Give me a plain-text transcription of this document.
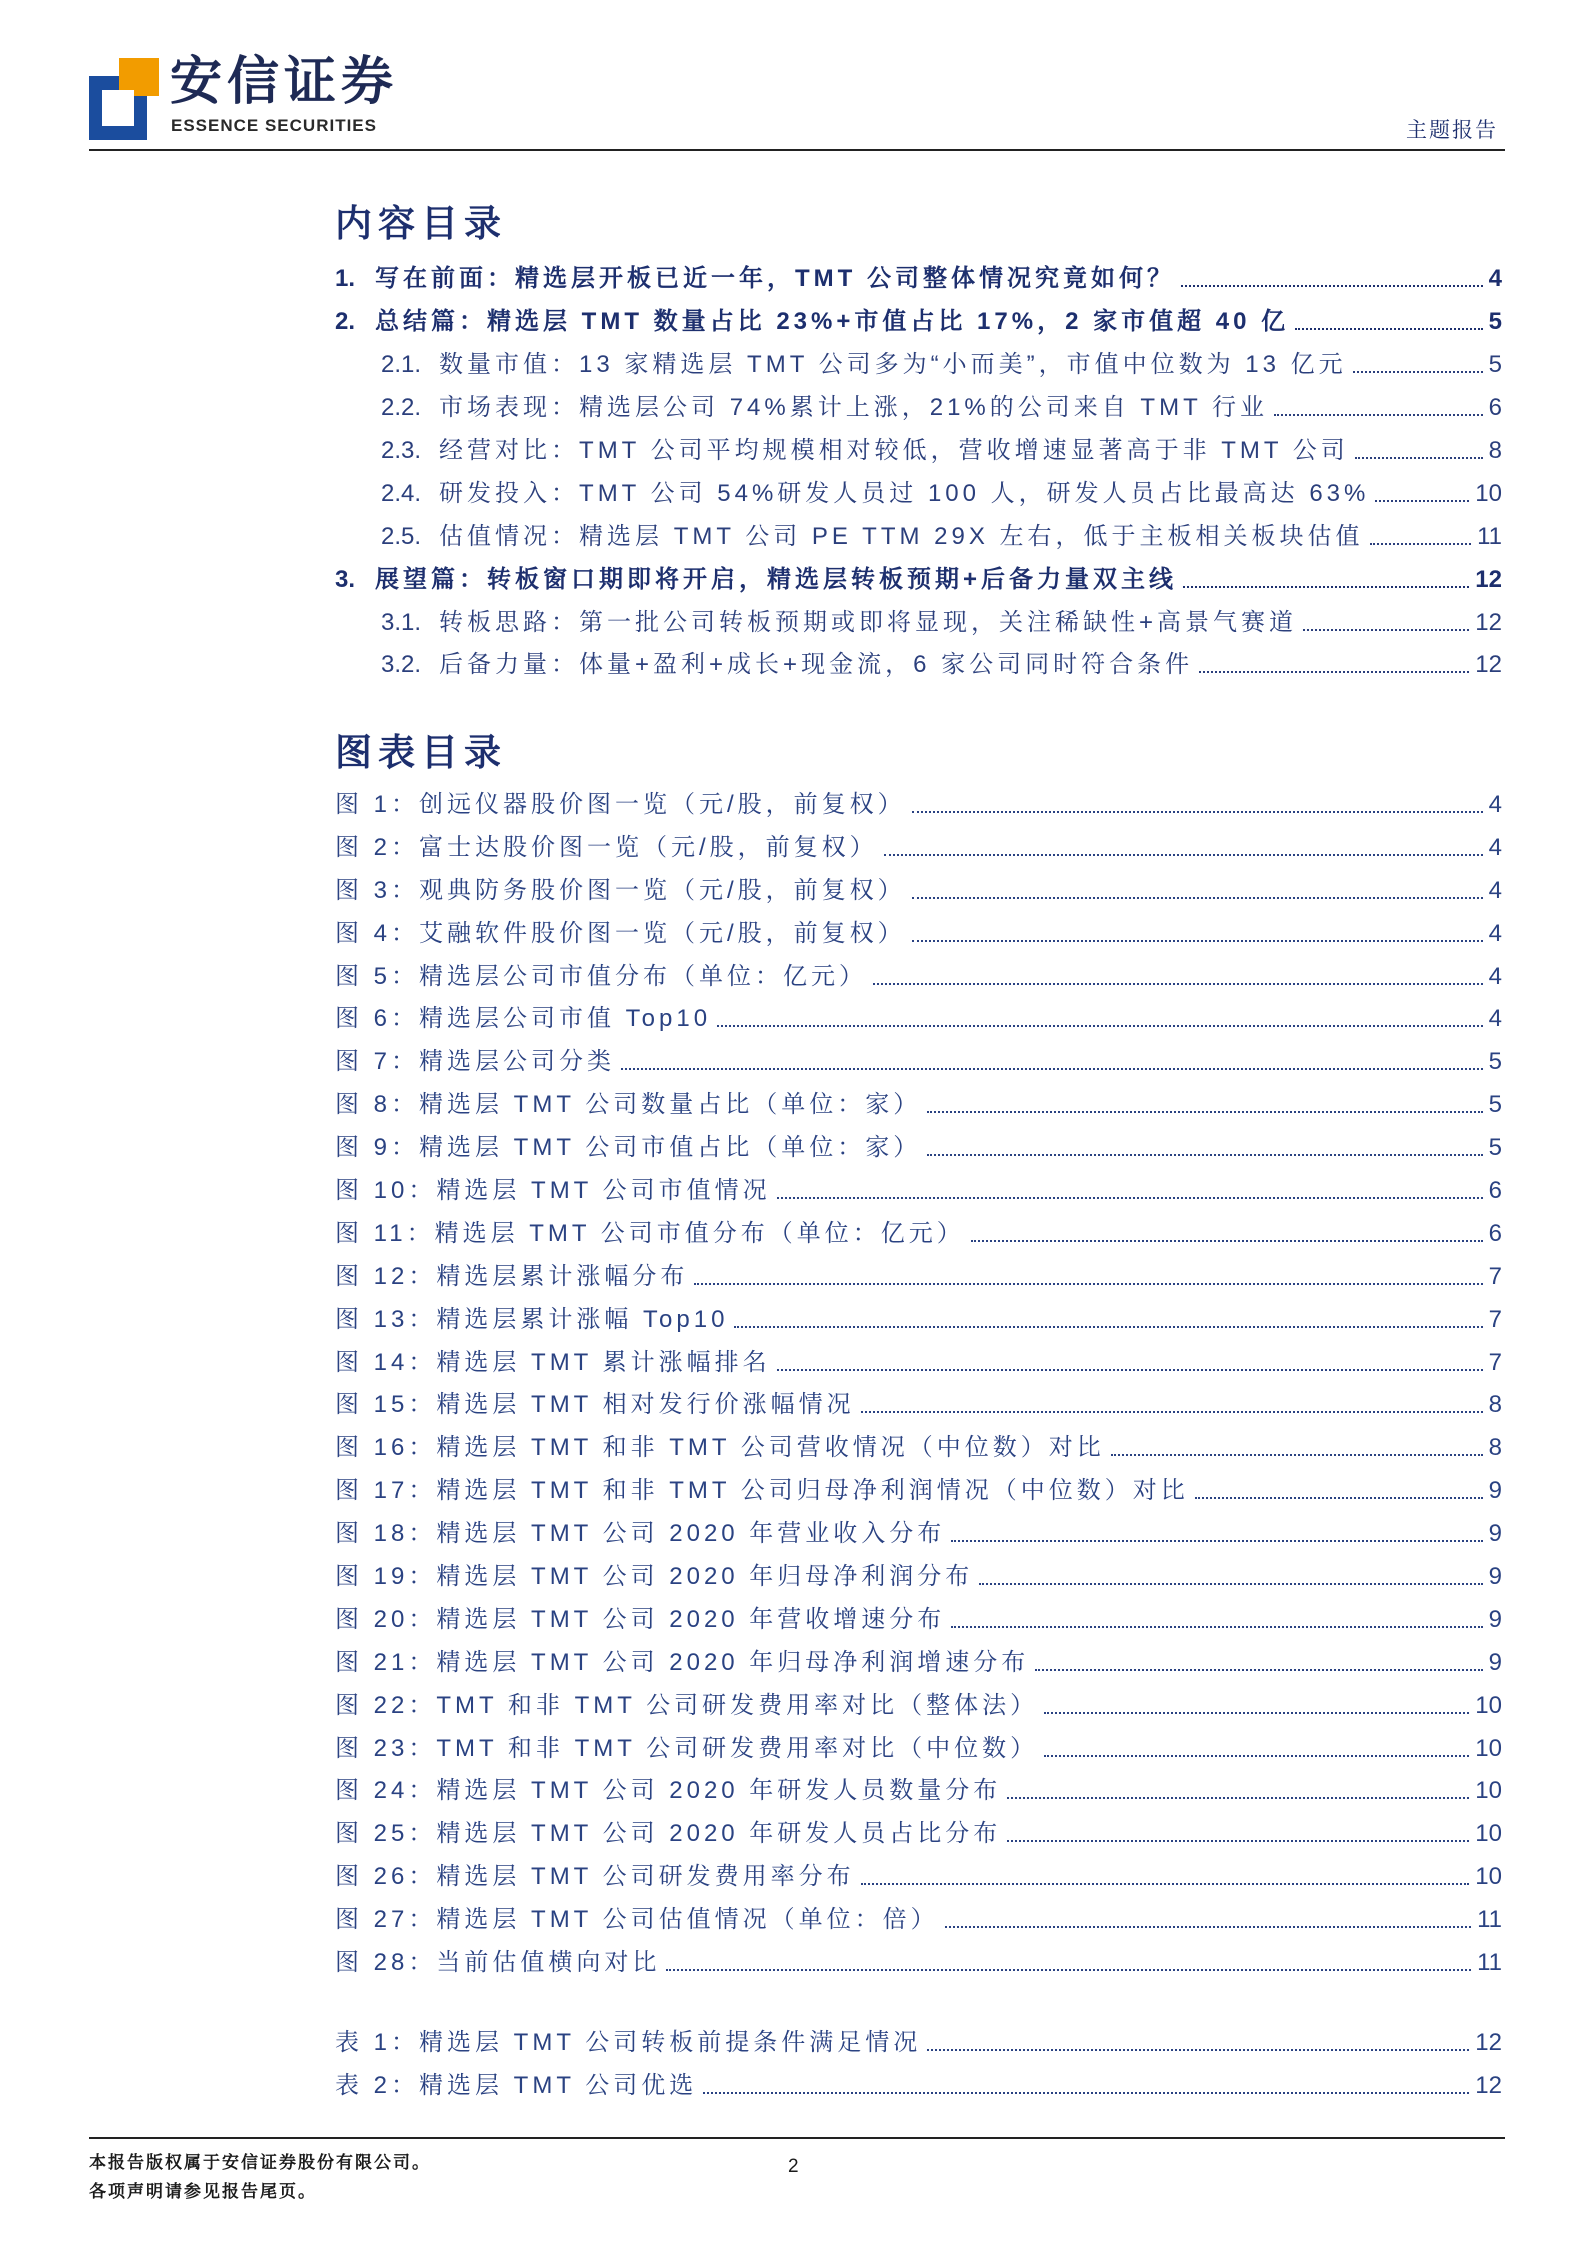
安信证券
ESSENCE SECURITIES	主题报告
内容目录
1. 写在前面：精选层开板已近一年，TMT 公司整体情况究竟如何？	4
2. 总结篇：精选层 TMT 数量占比 23%+市值占比 17%，2 家市值超 40 亿	5
2.1. 数量市值：13 家精选层 TMT 公司多为“小而美”，市值中位数为 13 亿元	5
2.2. 市场表现：精选层公司 74%累计上涨，21%的公司来自 TMT 行业	6
2.3. 经营对比：TMT 公司平均规模相对较低，营收增速显著高于非 TMT 公司	8
2.4. 研发投入：TMT 公司 54%研发人员过 100 人，研发人员占比最高达 63%	10
2.5. 估值情况：精选层 TMT 公司 PE TTM 29X 左右，低于主板相关板块估值	11
3. 展望篇：转板窗口期即将开启，精选层转板预期+后备力量双主线	12
3.1. 转板思路：第一批公司转板预期或即将显现，关注稀缺性+高景气赛道	12
3.2. 后备力量：体量+盈利+成长+现金流，6 家公司同时符合条件	12
图表目录
图 1：创远仪器股价图一览（元/股，前复权）	4
图 2：富士达股价图一览（元/股，前复权）	4
图 3：观典防务股价图一览（元/股，前复权）	4
图 4：艾融软件股价图一览（元/股，前复权）	4
图 5：精选层公司市值分布（单位：亿元）	4
图 6：精选层公司市值 Top10	4
图 7：精选层公司分类	5
图 8：精选层 TMT 公司数量占比（单位：家）	5
图 9：精选层 TMT 公司市值占比（单位：家）	5
图 10：精选层 TMT 公司市值情况	6
图 11：精选层 TMT 公司市值分布（单位：亿元）	6
图 12：精选层累计涨幅分布	7
图 13：精选层累计涨幅 Top10	7
图 14：精选层 TMT 累计涨幅排名	7
图 15：精选层 TMT 相对发行价涨幅情况	8
图 16：精选层 TMT 和非 TMT 公司营收情况（中位数）对比	8
图 17：精选层 TMT 和非 TMT 公司归母净利润情况（中位数）对比	9
图 18：精选层 TMT 公司 2020 年营业收入分布	9
图 19：精选层 TMT 公司 2020 年归母净利润分布	9
图 20：精选层 TMT 公司 2020 年营收增速分布	9
图 21：精选层 TMT 公司 2020 年归母净利润增速分布	9
图 22：TMT 和非 TMT 公司研发费用率对比（整体法）	10
图 23：TMT 和非 TMT 公司研发费用率对比（中位数）	10
图 24：精选层 TMT 公司 2020 年研发人员数量分布	10
图 25：精选层 TMT 公司 2020 年研发人员占比分布	10
图 26：精选层 TMT 公司研发费用率分布	10
图 27：精选层 TMT 公司估值情况（单位：倍）	11
图 28：当前估值横向对比	11
表 1：精选层 TMT 公司转板前提条件满足情况	12
表 2：精选层 TMT 公司优选	12
本报告版权属于安信证券股份有限公司。
各项声明请参见报告尾页。
2
